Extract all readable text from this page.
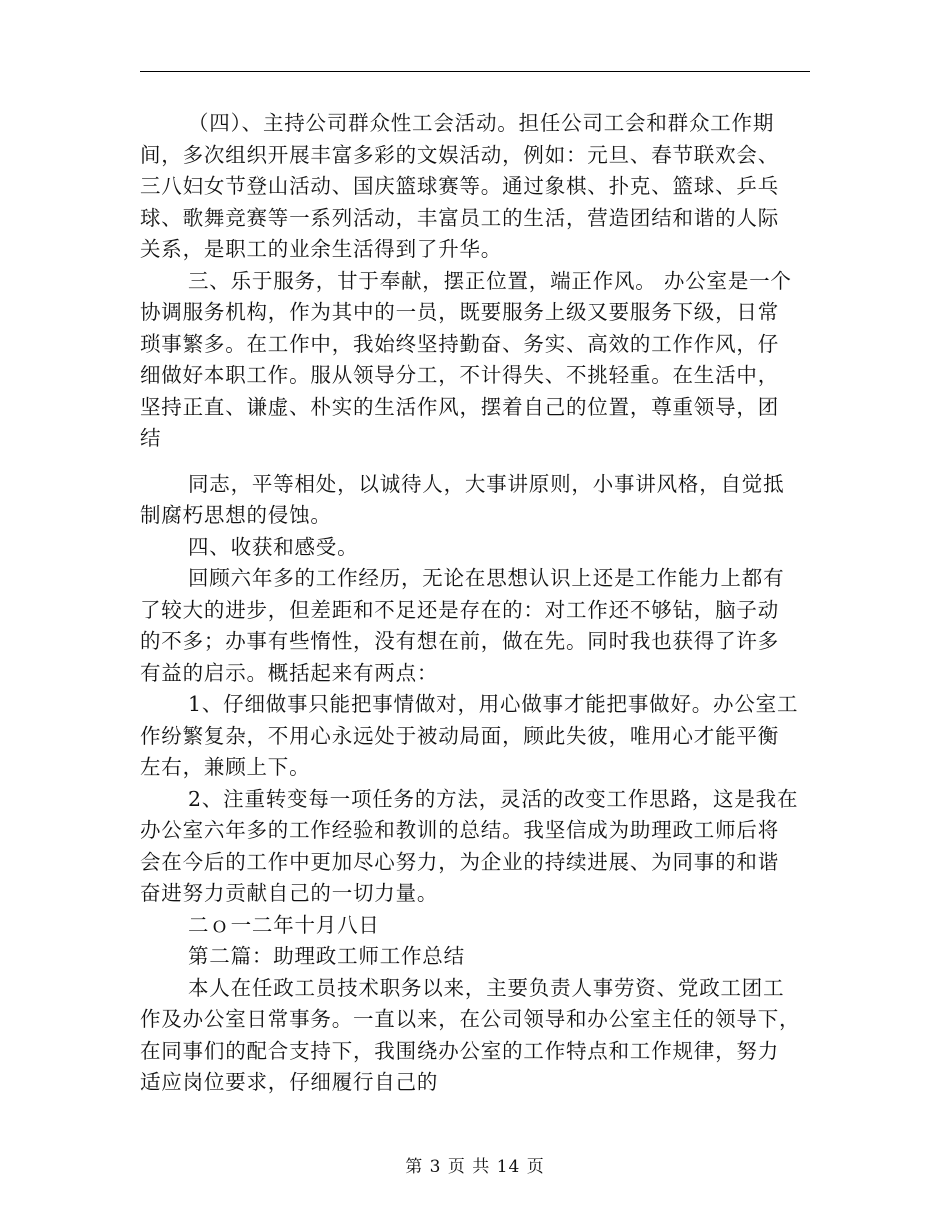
（四）、主持公司群众性工会活动。担任公司工会和群众工作期
间，多次组织开展丰富多彩的文娱活动，例如：元旦、春节联欢会、
三八妇女节登山活动、国庆篮球赛等。通过象棋、扑克、篮球、乒乓
球、歌舞竞赛等一系列活动，丰富员工的生活，营造团结和谐的人际
关系，是职工的业余生活得到了升华。
三、乐于服务，甘于奉献，摆正位置，端正作风。 办公室是一个
协调服务机构，作为其中的一员，既要服务上级又要服务下级，日常
琐事繁多。在工作中，我始终坚持勤奋、务实、高效的工作作风，仔
细做好本职工作。服从领导分工，不计得失、不挑轻重。在生活中，
坚持正直、谦虚、朴实的生活作风，摆着自己的位置，尊重领导，团
结
同志，平等相处，以诚待人，大事讲原则，小事讲风格，自觉抵
制腐朽思想的侵蚀。
四、收获和感受。
回顾六年多的工作经历，无论在思想认识上还是工作能力上都有
了较大的进步，但差距和不足还是存在的：对工作还不够钻，脑子动
的不多；办事有些惰性，没有想在前，做在先。同时我也获得了许多
有益的启示。概括起来有两点：
1、仔细做事只能把事情做对，用心做事才能把事做好。办公室工
作纷繁复杂，不用心永远处于被动局面，顾此失彼，唯用心才能平衡
左右，兼顾上下。
2、注重转变每一项任务的方法，灵活的改变工作思路，这是我在
办公室六年多的工作经验和教训的总结。我坚信成为助理政工师后将
会在今后的工作中更加尽心努力，为企业的持续进展、为同事的和谐
奋进努力贡献自己的一切力量。
二ｏ一二年十月八日
第二篇：助理政工师工作总结
本人在任政工员技术职务以来，主要负责人事劳资、党政工团工
作及办公室日常事务。一直以来，在公司领导和办公室主任的领导下，
在同事们的配合支持下，我围绕办公室的工作特点和工作规律，努力
适应岗位要求，仔细履行自己的
第 3 页 共 14 页
